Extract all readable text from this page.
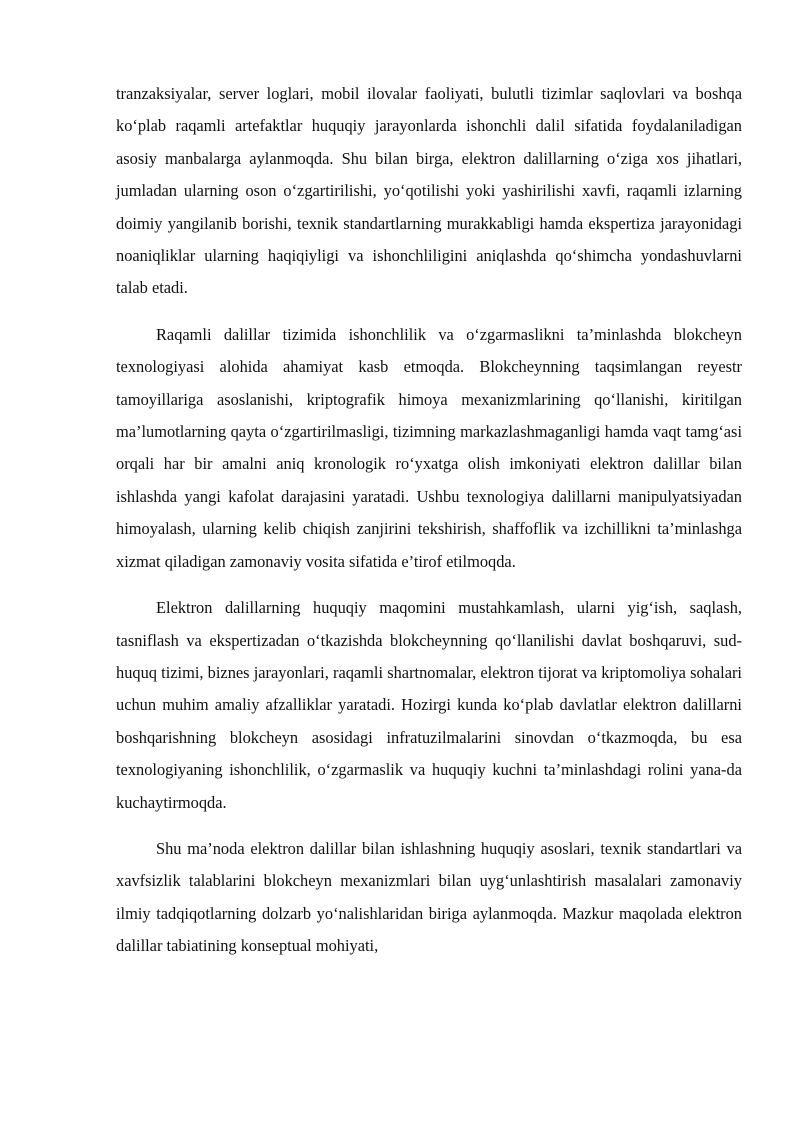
tranzaksiyalar, server loglari, mobil ilovalar faoliyati, bulutli tizimlar saqlovlari va boshqa ko‘plab raqamli artefaktlar huquqiy jarayonlarda ishonchli dalil sifatida foydalaniladigan asosiy manbalarga aylanmoqda. Shu bilan birga, elektron dalillarning o‘ziga xos jihatlari, jumladan ularning oson o‘zgartirilishi, yo‘qotilishi yoki yashirilishi xavfi, raqamli izlarning doimiy yangilanib borishi, texnik standartlarning murakkabligi hamda ekspertiza jarayonidagi noaniqliklar ularning haqiqiyligi va ishonchliligini aniqlashda qo‘shimcha yondashuvlarni talab etadi.

Raqamli dalillar tizimida ishonchlilik va o‘zgarmaslikni ta’minlashda blokcheyn texnologiyasi alohida ahamiyat kasb etmoqda. Blokcheynning taqsimlangan reyestr tamoyillariga asoslanishi, kriptografik himoya mexanizmlarining qo‘llanishi, kiritilgan ma’lumotlarning qayta o‘zgartirilmasligi, tizimning markazlashmaganligi hamda vaqt tamg‘asi orqali har bir amalni aniq kronologik ro‘yxatga olish imkoniyati elektron dalillar bilan ishlashda yangi kafolat darajasini yaratadi. Ushbu texnologiya dalillarni manipulyatsiyadan himoyalash, ularning kelib chiqish zanjirini tekshirish, shaffoflik va izchillikni ta’minlashga xizmat qiladigan zamonaviy vosita sifatida e’tirof etilmoqda.

Elektron dalillarning huquqiy maqomini mustahkamlash, ularni yig‘ish, saqlash, tasniflash va ekspertizadan o‘tkazishda blokcheynning qo‘llanilishi davlat boshqaruvi, sud-huquq tizimi, biznes jarayonlari, raqamli shartnomalar, elektron tijorat va kriptomoliya sohalari uchun muhim amaliy afzalliklar yaratadi. Hozirgi kunda ko‘plab davlatlar elektron dalillarni boshqarishning blokcheyn asosidagi infratuzilmalarini sinovdan o‘tkazmoqda, bu esa texnologiyaning ishonchlilik, o‘zgarmaslik va huquqiy kuchni ta’minlashdagi rolini yana-da kuchaytirmoqda.

Shu ma’noda elektron dalillar bilan ishlashning huquqiy asoslari, texnik standartlari va xavfsizlik talablarini blokcheyn mexanizmlari bilan uyg‘unlashtirish masalalari zamonaviy ilmiy tadqiqotlarning dolzarb yo‘nalishlaridan biriga aylanmoqda. Mazkur maqolada elektron dalillar tabiatining konseptual mohiyati,
